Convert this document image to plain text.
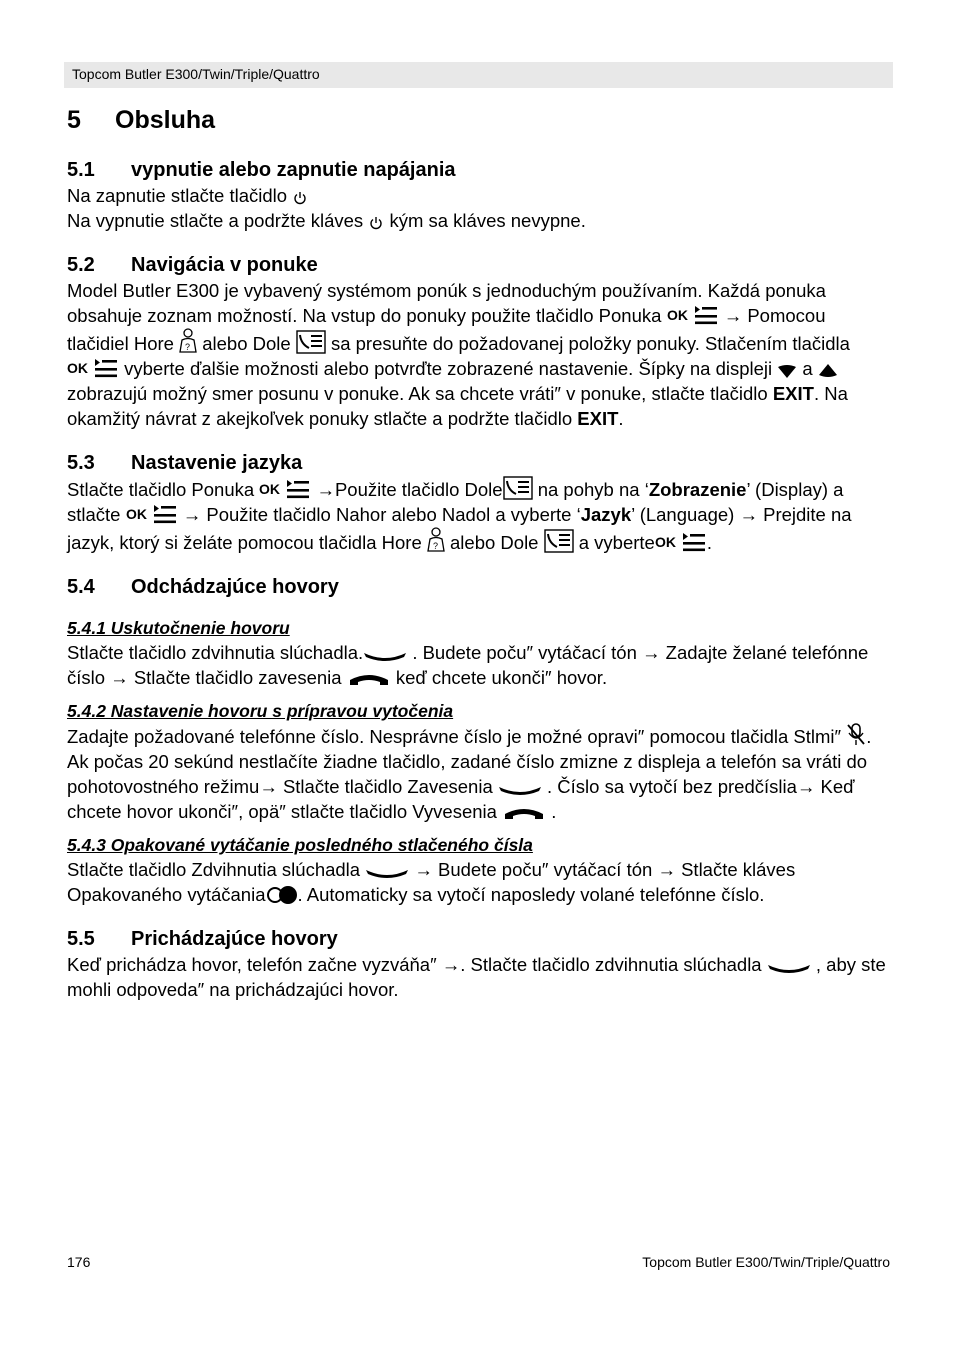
Topcom Butler E300/Twin/Triple/Quattro
5 Obsluha
5.1 vypnutie alebo zapnutie napájania

Na zapnutie stlačte tlačidlo

Na vypnutie stlačte a podržte kláves kým sa kláves nevypne.

5.2 Navigácia v ponuke

Model Butler E300 je vybavený systémom ponúk s jednoduchým používaním. Každá ponuka obsahuje zoznam možností. Na vstup do ponuky použite tlačidlo Ponuka	→ Pomocou tlačidiel Hore alebo Dole sa presuňte do požadovanej položky ponuky. Stlačením tlačidla
vyberte ďalšie možnosti alebo potvrďte zobrazené nastavenie. Šípky na displeji a
zobrazujú možný smer posunu v ponuke. Ak sa chcete vráti″ v ponuke, stlačte tlačidlo EXIT. Na okamžitý návrat z akejkoľvek ponuky stlačte a podržte tlačidlo EXIT.

5.3 Nastavenie jazyka

Stlačte tlačidlo Ponuka	→Použite tlačidlo Dole na pohyb na ‘Zobrazenie’ (Display) a stlačte	→ Použite tlačidlo Nahor alebo Nadol a vyberte ‘Jazyk’ (Language) → Prejdite na jazyk, ktorý si želáte pomocou tlačidla Hore alebo Dole a vyberte	.

5.4 Odchádzajúce hovory
5.4.1 Uskutočnenie hovoru

Stlačte tlačidlo zdvihnutia slúchadla.	. Budete poču″ vytáčací tón → Zadajte želané telefónne číslo → Stlačte tlačidlo zavesenia	keď chcete ukonči″ hovor.

5.4.2 Nastavenie hovoru s prípravou vytočenia

Zadajte požadované telefónne číslo. Nesprávne číslo je možné opravi″ pomocou tlačidla Stlmi″ . Ak počas 20 sekúnd nestlačíte žiadne tlačidlo, zadané číslo zmizne z displeja a telefón sa vráti do pohotovostného režimu→ Stlačte tlačidlo Zavesenia	. Číslo sa vytočí bez predčíslia→ Keď chcete hovor ukonči″, opä″ stlačte tlačidlo Vyvesenia	.

5.4.3 Opakované vytáčanie posledného stlačeného čísla

Stlačte tlačidlo Zdvihnutia slúchadla	→ Budete poču″ vytáčací tón → Stlačte kláves Opakovaného vytáčania . Automaticky sa vytočí naposledy volané telefónne číslo.

5.5 Prichádzajúce hovory

Keď prichádza hovor, telefón začne vyzváňa″ →. Stlačte tlačidlo zdvihnutia slúchadla	, aby ste mohli odpoveda″ na prichádzajúci hovor.

176	Topcom Butler E300/Twin/Triple/Quattro
